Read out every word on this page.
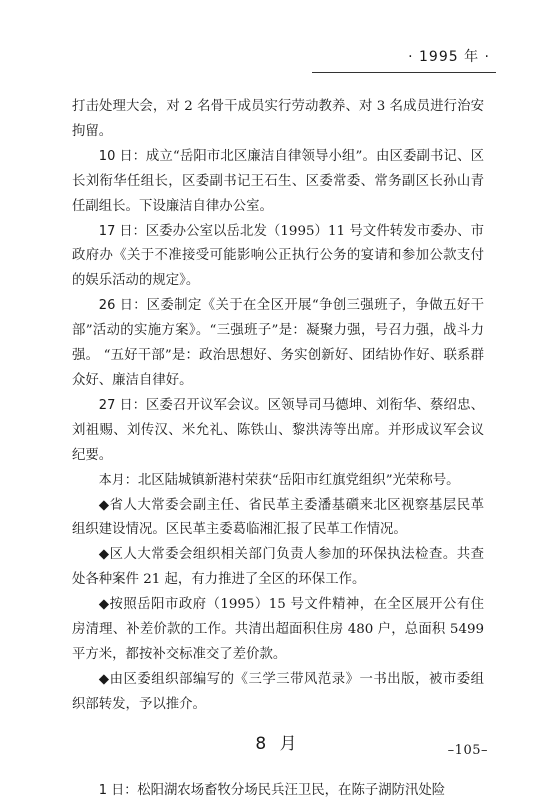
· 1995 年 ·

打击处理大会，对 2 名骨干成员实行劳动教养、对 3 名成员进行治安拘留。

10 日：成立“岳阳市北区廉洁自律领导小组”。由区委副书记、区长刘衔华任组长，区委副书记王石生、区委常委、常务副区长孙山青任副组长。下设廉洁自律办公室。

17 日：区委办公室以岳北发（1995）11 号文件转发市委办、市政府办《关于不准接受可能影响公正执行公务的宴请和参加公款支付的娱乐活动的规定》。

26 日：区委制定《关于在全区开展“争创三强班子，争做五好干部”活动的实施方案》。“三强班子”是：凝聚力强，号召力强，战斗力强。 “五好干部”是：政治思想好、务实创新好、团结协作好、联系群众好、廉洁自律好。

27 日：区委召开议军会议。区领导司马德坤、刘衔华、蔡绍忠、刘祖赐、刘传汉、米允礼、陈铁山、黎洪涛等出席。并形成议军会议纪要。

本月：北区陆城镇新港村荣获“岳阳市红旗党组织”光荣称号。

◆省人大常委会副主任、省民革主委潘基礩来北区视察基层民革组织建设情况。区民革主委葛临湘汇报了民革工作情况。

◆区人大常委会组织相关部门负责人参加的环保执法检查。共查处各种案件 21 起，有力推进了全区的环保工作。

◆按照岳阳市政府（1995）15 号文件精神，在全区展开公有住房清理、补差价款的工作。共清出超面积住房 480 户，总面积 5499 平方米，都按补交标准交了差价款。

◆由区委组织部编写的《三学三带风范录》一书出版，被市委组织部转发，予以推介。

8 月

1 日：松阳湖农场畜牧分场民兵汪卫民，在陈子湖防汛处险

–105–
